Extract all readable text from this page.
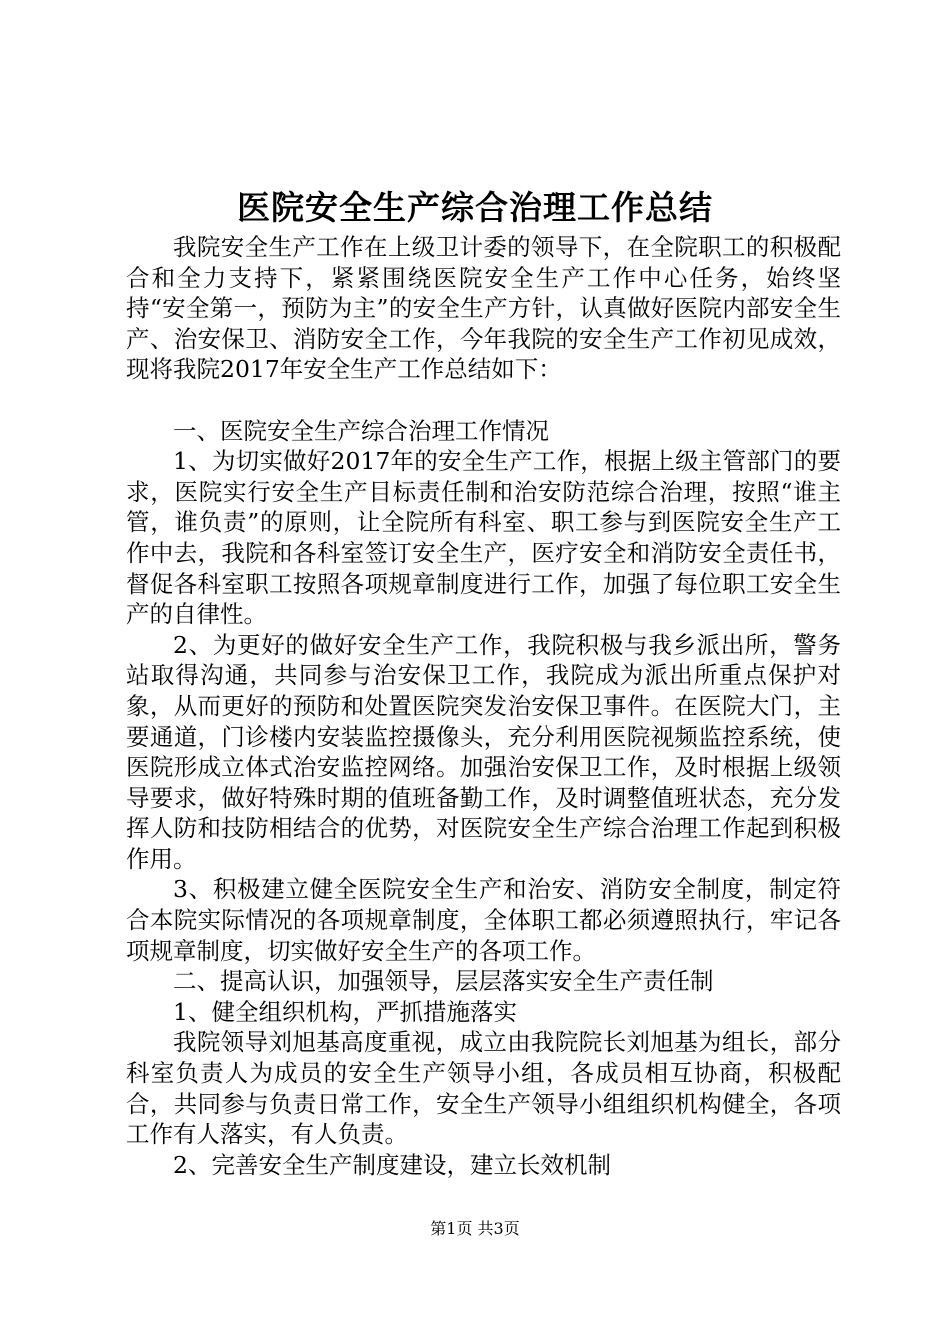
医院安全生产综合治理工作总结

我院安全生产工作在上级卫计委的领导下，在全院职工的积极配合和全力支持下，紧紧围绕医院安全生产工作中心任务，始终坚持“安全第一，预防为主”的安全生产方针，认真做好医院内部安全生产、治安保卫、消防安全工作，今年我院的安全生产工作初见成效，现将我院2017年安全生产工作总结如下：

一、医院安全生产综合治理工作情况

1、为切实做好2017年的安全生产工作，根据上级主管部门的要求，医院实行安全生产目标责任制和治安防范综合治理，按照“谁主管，谁负责”的原则，让全院所有科室、职工参与到医院安全生产工作中去，我院和各科室签订安全生产，医疗安全和消防安全责任书，督促各科室职工按照各项规章制度进行工作，加强了每位职工安全生产的自律性。

2、为更好的做好安全生产工作，我院积极与我乡派出所，警务站取得沟通，共同参与治安保卫工作，我院成为派出所重点保护对象，从而更好的预防和处置医院突发治安保卫事件。在医院大门，主要通道，门诊楼内安装监控摄像头，充分利用医院视频监控系统，使医院形成立体式治安监控网络。加强治安保卫工作，及时根据上级领导要求，做好特殊时期的值班备勤工作，及时调整值班状态，充分发挥人防和技防相结合的优势，对医院安全生产综合治理工作起到积极作用。

3、积极建立健全医院安全生产和治安、消防安全制度，制定符合本院实际情况的各项规章制度，全体职工都必须遵照执行，牢记各项规章制度，切实做好安全生产的各项工作。

二、提高认识，加强领导，层层落实安全生产责任制

1、健全组织机构，严抓措施落实

我院领导刘旭基高度重视，成立由我院院长刘旭基为组长，部分科室负责人为成员的安全生产领导小组，各成员相互协商，积极配合，共同参与负责日常工作，安全生产领导小组组织机构健全，各项工作有人落实，有人负责。

2、完善安全生产制度建设，建立长效机制

第1页 共3页
